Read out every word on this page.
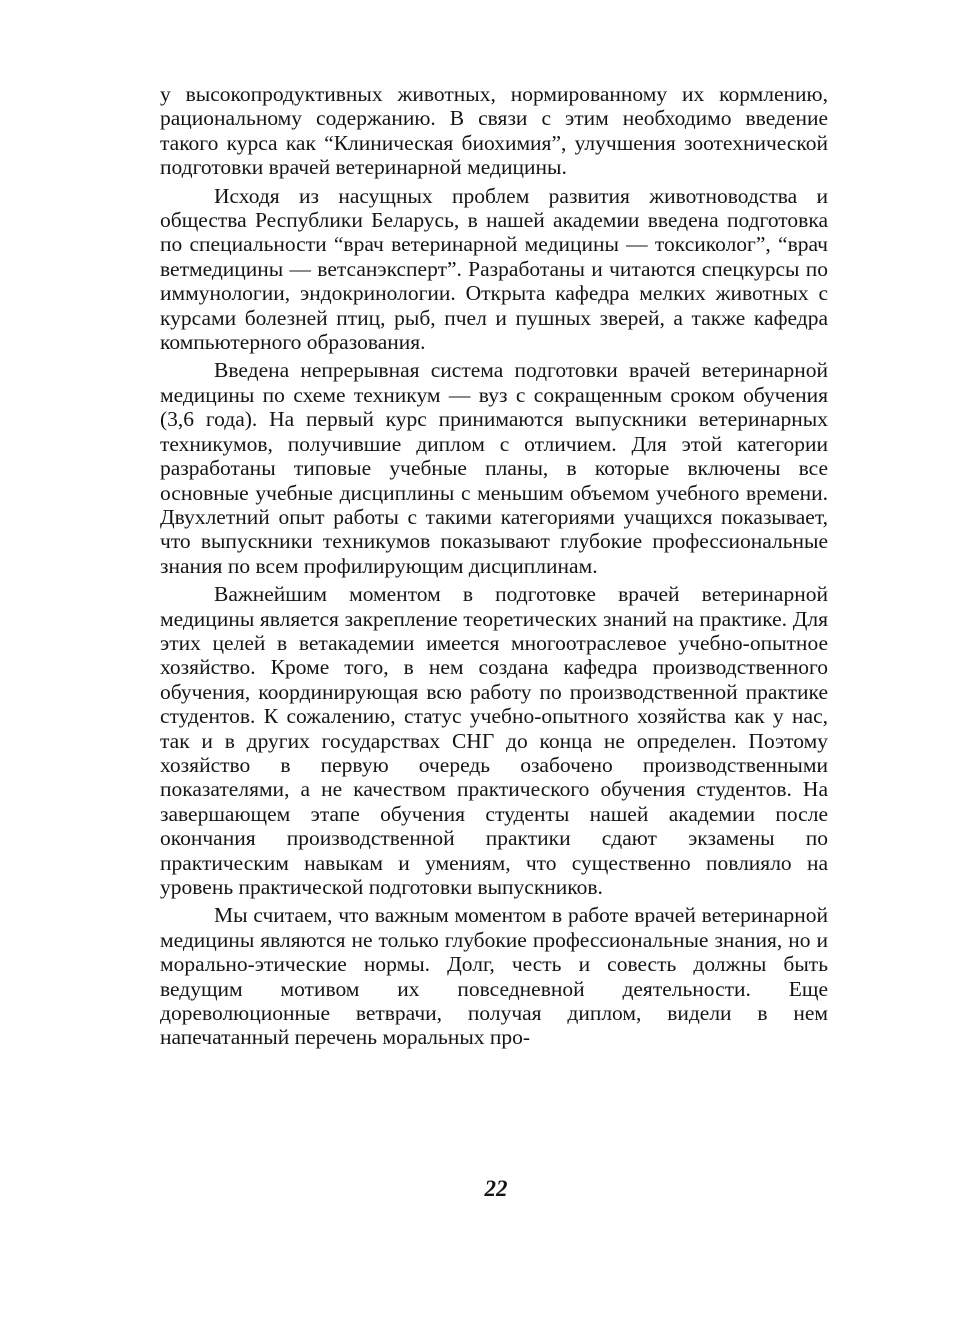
у высокопродуктивных животных, нормированному их кормлению, рациональному содержанию. В связи с этим необходимо введение такого курса как “Клиническая биохимия”, улучшения зоотехнической подготовки врачей ветеринарной медицины.

Исходя из насущных проблем развития животноводства и общества Республики Беларусь, в нашей академии введена подготовка по специальности “врач ветеринарной медицины — токсиколог”, “врач ветмедицины — ветсанэксперт”. Разработаны и читаются спецкурсы по иммунологии, эндокринологии. Открыта кафедра мелких животных с курсами болезней птиц, рыб, пчел и пушных зверей, а также кафедра компьютерного образования.

Введена непрерывная система подготовки врачей ветеринарной медицины по схеме техникум — вуз с сокращенным сроком обучения (3,6 года). На первый курс принимаются выпускники ветеринарных техникумов, получившие диплом с отличием. Для этой категории разработаны типовые учебные планы, в которые включены все основные учебные дисциплины с меньшим объемом учебного времени. Двухлетний опыт работы с такими категориями учащихся показывает, что выпускники техникумов показывают глубокие профессиональные знания по всем профилирующим дисциплинам.

Важнейшим моментом в подготовке врачей ветеринарной медицины является закрепление теоретических знаний на практике. Для этих целей в ветакадемии имеется многоотраслевое учебно-опытное хозяйство. Кроме того, в нем создана кафедра производственного обучения, координирующая всю работу по производственной практике студентов. К сожалению, статус учебно-опытного хозяйства как у нас, так и в других государствах СНГ до конца не определен. Поэтому хозяйство в первую очередь озабочено производственными показателями, а не качеством практического обучения студентов. На завершающем этапе обучения студенты нашей академии после окончания производственной практики сдают экзамены по практическим навыкам и умениям, что существенно повлияло на уровень практической подготовки выпускников.

Мы считаем, что важным моментом в работе врачей ветеринарной медицины являются не только глубокие профессиональные знания, но и морально-этические нормы. Долг, честь и совесть должны быть ведущим мотивом их повседневной деятельности. Еще дореволюционные ветврачи, получая диплом, видели в нем напечатанный перечень моральных про-

22
